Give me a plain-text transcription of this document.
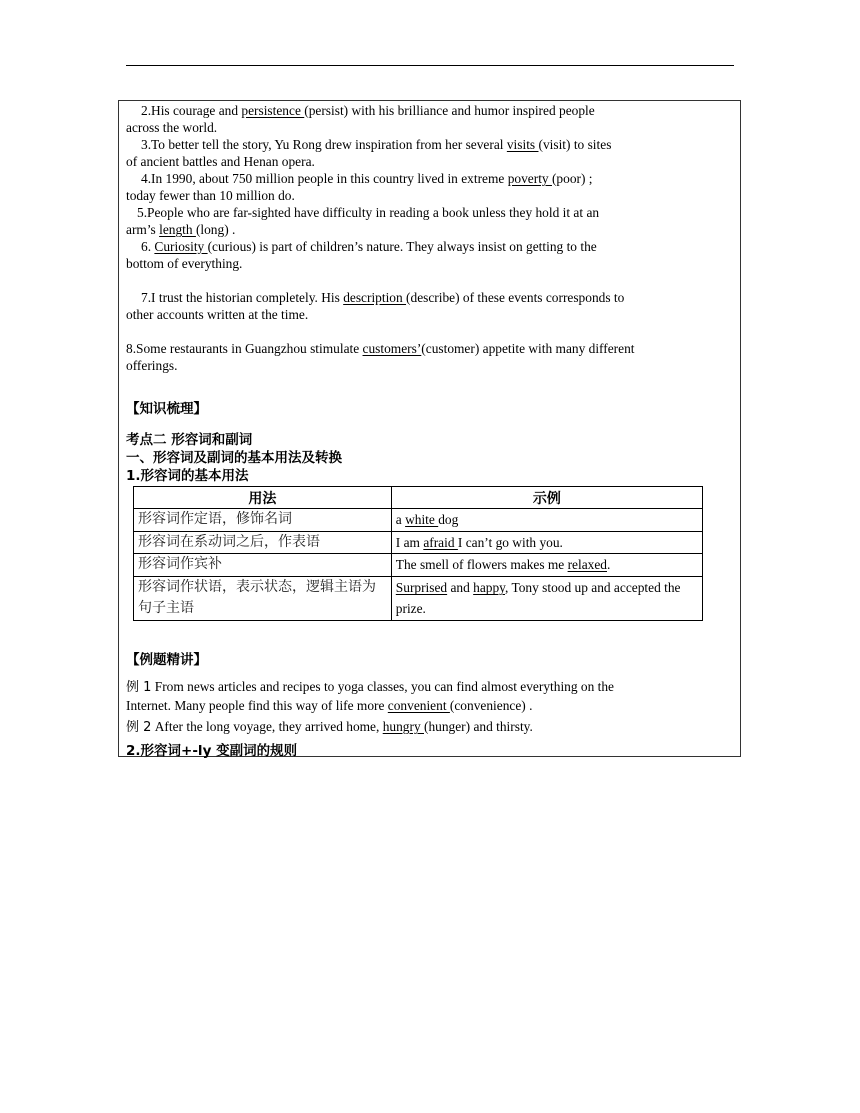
2.His courage and persistence (persist) with his brilliance and humor inspired people
across the world.
3.To better tell the story, Yu Rong drew inspiration from her several visits (visit) to sites
of ancient battles and Henan opera.
4.In 1990, about 750 million people in this country lived in extreme poverty (poor) ;
today fewer than 10 million do.
5.People who are far-sighted have difficulty in reading a book unless they hold it at an
arm’s length (long) .
6. Curiosity (curious) is part of children’s nature. They always insist on getting to the
bottom of everything.
7.I trust the historian completely. His description (describe) of these events corresponds to
other accounts written at the time.
8.Some restaurants in Guangzhou stimulate customers’(customer) appetite with many different
offerings.
【知识梳理】
考点二 形容词和副词
一、形容词及副词的基本用法及转换
1.形容词的基本用法
用法	示例
形容词作定语，修饰名词	a white dog
形容词在系动词之后，作表语	I am afraid I can’t go with you.
形容词作宾补	The smell of flowers makes me relaxed.
形容词作状语，表示状态，逻辑主语为句子主语	Surprised and happy, Tony stood up and accepted the prize.
【例题精讲】
例 1 From news articles and recipes to yoga classes, you can find almost everything on the
Internet. Many people find this way of life more convenient (convenience) .
例 2 After the long voyage, they arrived home, hungry (hunger) and thirsty.
2.形容词+-ly 变副词的规则
